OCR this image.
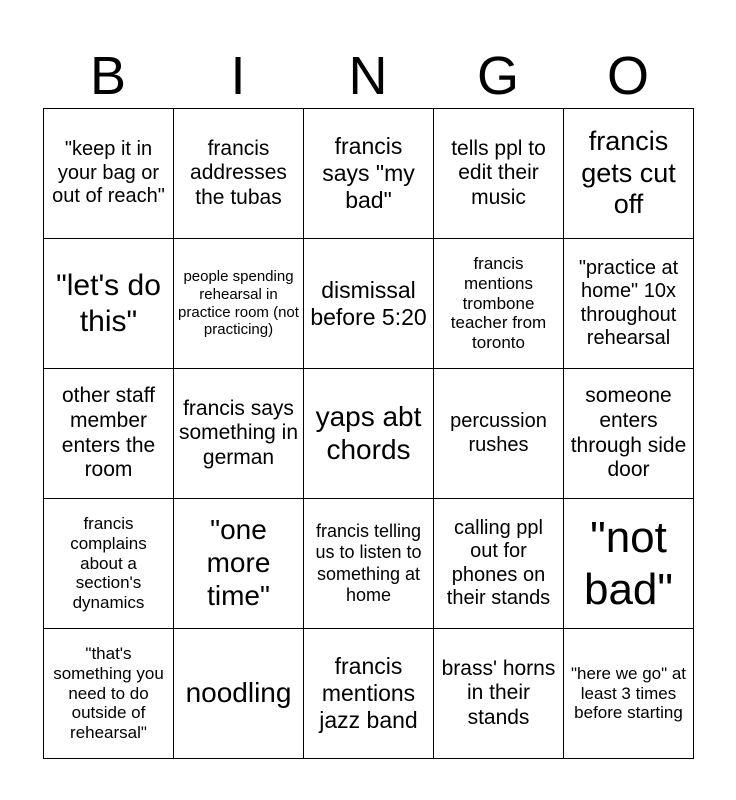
B	I	N	G	O
"keep it in your bag or out of reach"	francis addresses the tubas	francis says "my bad"	tells ppl to edit their music	francis gets cut off
"let's do this"	people spending rehearsal in practice room (not practicing)	dismissal before 5:20	francis mentions trombone teacher from toronto	"practice at home" 10x throughout rehearsal
other staff member enters the room	francis says something in german	yaps abt chords	percussion rushes	someone enters through side door
francis complains about a section's dynamics	"one more time"	francis telling us to listen to something at home	calling ppl out for phones on their stands	"not bad"
"that's something you need to do outside of rehearsal"	noodling	francis mentions jazz band	brass' horns in their stands	"here we go" at least 3 times before starting
